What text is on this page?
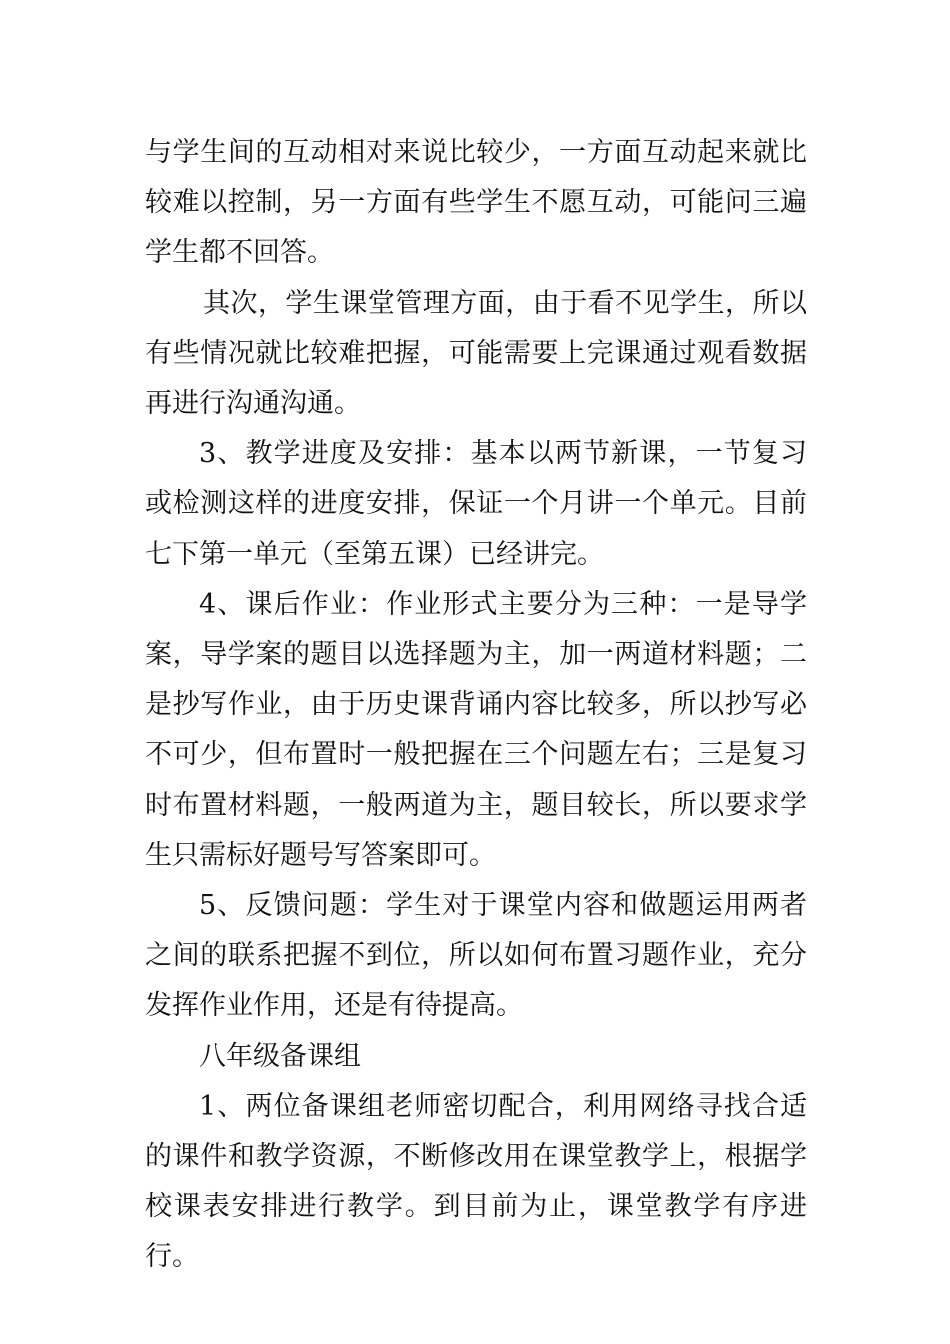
与学生间的互动相对来说比较少，一方面互动起来就比较难以控制，另一方面有些学生不愿互动，可能问三遍学生都不回答。

其次，学生课堂管理方面，由于看不见学生，所以有些情况就比较难把握，可能需要上完课通过观看数据再进行沟通沟通。

3、教学进度及安排：基本以两节新课，一节复习或检测这样的进度安排，保证一个月讲一个单元。目前七下第一单元（至第五课）已经讲完。

4、课后作业：作业形式主要分为三种：一是导学案，导学案的题目以选择题为主，加一两道材料题；二是抄写作业，由于历史课背诵内容比较多，所以抄写必不可少，但布置时一般把握在三个问题左右；三是复习时布置材料题，一般两道为主，题目较长，所以要求学生只需标好题号写答案即可。

5、反馈问题：学生对于课堂内容和做题运用两者之间的联系把握不到位，所以如何布置习题作业，充分发挥作业作用，还是有待提高。

八年级备课组

1、两位备课组老师密切配合，利用网络寻找合适的课件和教学资源，不断修改用在课堂教学上，根据学校课表安排进行教学。到目前为止，课堂教学有序进行。
